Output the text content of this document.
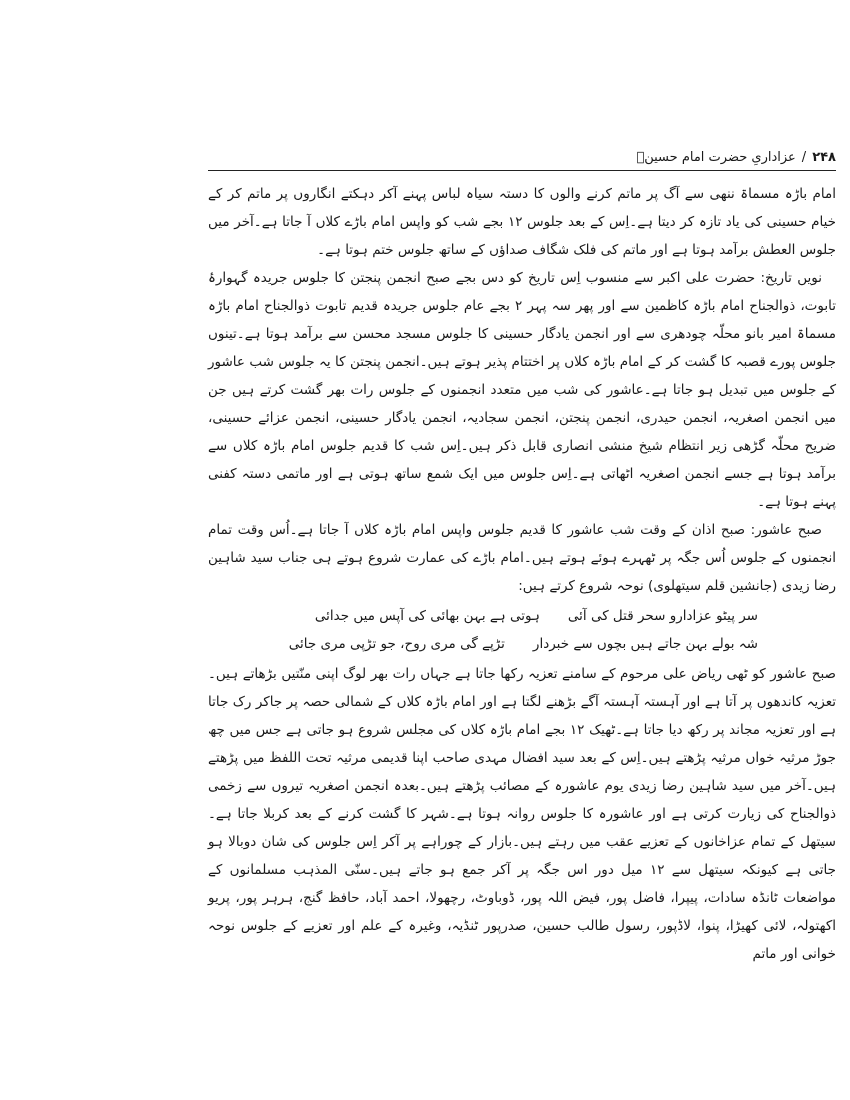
۲۴۸/عزاداریِ حضرت امام حسینؑ

امام باڑہ مسماۃ ننھی سے آگ پر ماتم کرنے والوں کا دستہ سیاہ لباس پہنے آکر دہکتے انگاروں پر ماتم کر کے خیام حسینی کی یاد تازہ کر دیتا ہے۔اِس کے بعد جلوس ۱۲ بجے شب کو واپس امام باڑے کلاں آ جاتا ہے۔آخر میں جلوس العطش برآمد ہوتا ہے اور ماتم کی فلک شگاف صداؤں کے ساتھ جلوس ختم ہوتا ہے۔

نویں تاریخ: حضرت علی اکبر سے منسوب اِس تاریخ کو دس بجے صبح انجمن پنجتن کا جلوس جریدہ گہوارۂ تابوت، ذوالجناح امام باڑہ کاظمین سے اور پھر سہ پہر ۲ بجے عام جلوس جریدہ قدیم تابوت ذوالجناح امام باڑہ مسماۃ امیر بانو محلّہ چودھری سے اور انجمن یادگار حسینی کا جلوس مسجد محسن سے برآمد ہوتا ہے۔تینوں جلوس پورے قصبہ کا گشت کر کے امام باڑہ کلاں پر اختتام پذیر ہوتے ہیں۔انجمن پنجتن کا یہ جلوس شب عاشور کے جلوس میں تبدیل ہو جاتا ہے۔عاشور کی شب میں متعدد انجمنوں کے جلوس رات بھر گشت کرتے ہیں جن میں انجمن اصغریہ، انجمن حیدری، انجمن پنجتن، انجمن سجادیہ، انجمن یادگار حسینی، انجمن عزائے حسینی، ضریح محلّہ گڑھی زیر انتظام شیخ منشی انصاری قابل ذکر ہیں۔اِس شب کا قدیم جلوس امام باڑہ کلاں سے برآمد ہوتا ہے جسے انجمن اصغریہ اٹھاتی ہے۔اِس جلوس میں ایک شمع ساتھ ہوتی ہے اور ماتمی دستہ کفنی پہنے ہوتا ہے۔

صبح عاشور: صبح اذان کے وقت شب عاشور کا قدیم جلوس واپس امام باڑہ کلاں آ جاتا ہے۔اُس وقت تمام انجمنوں کے جلوس اُس جگہ پر ٹھہرے ہوئے ہوتے ہیں۔امام باڑے کی عمارت شروع ہوتے ہی جناب سید شاہین رضا زیدی (جانشین قلم سیتھلوی) نوحہ شروع کرتے ہیں:

سر پیٹو عزادارو سحر قتل کی آئی
ہوتی ہے بہن بھائی کی آپس میں جدائی
شہ بولے بہن جاتے ہیں بچوں سے خبردار
تڑپے گی مری روح، جو تڑپی مری جائی

صبح عاشور کو ٹھی ریاض علی مرحوم کے سامنے تعزیہ رکھا جاتا ہے جہاں رات بھر لوگ اپنی منّتیں بڑھاتے ہیں۔تعزیہ کاندھوں پر آتا ہے اور آہستہ آہستہ آگے بڑھنے لگتا ہے اور امام باڑہ کلاں کے شمالی حصہ پر جاکر رک جاتا ہے اور تعزیہ مجاند پر رکھ دیا جاتا ہے۔ٹھیک ۱۲ بجے امام باڑہ کلاں کی مجلس شروع ہو جاتی ہے جس میں چھ جوڑ مرثیہ خواں مرثیہ پڑھتے ہیں۔اِس کے بعد سید افضال مہدی صاحب اپنا قدیمی مرثیہ تحت اللفظ میں پڑھتے ہیں۔آخر میں سید شاہین رضا زیدی یوم عاشورہ کے مصائب پڑھتے ہیں۔بعدہ انجمن اصغریہ تیروں سے زخمی ذوالجناح کی زیارت کرتی ہے اور عاشورہ کا جلوس روانہ ہوتا ہے۔شہر کا گشت کرنے کے بعد کربلا جاتا ہے۔سیتھل کے تمام عزاخانوں کے تعزیے عقب میں رہتے ہیں۔بازار کے چوراہے پر آکر اِس جلوس کی شان دوبالا ہو جاتی ہے کیونکہ سیتھل سے ۱۲ میل دور اس جگہ پر آکر جمع ہو جاتے ہیں۔سنّی المذہب مسلمانوں کے مواضعات ٹانڈہ سادات، پیپرا، فاضل پور، فیض اللہ پور، ڈوباوٹ، رچھولا، احمد آباد، حافظ گنج، ہرہر پور، پریو اکھتولہ، لائی کھیڑا، پنوا، لاڈپور، رسول طالب حسین، صدرپور ٹنڈیہ، وغیرہ کے علم اور تعزیے کے جلوس نوحہ خوانی اور ماتم
